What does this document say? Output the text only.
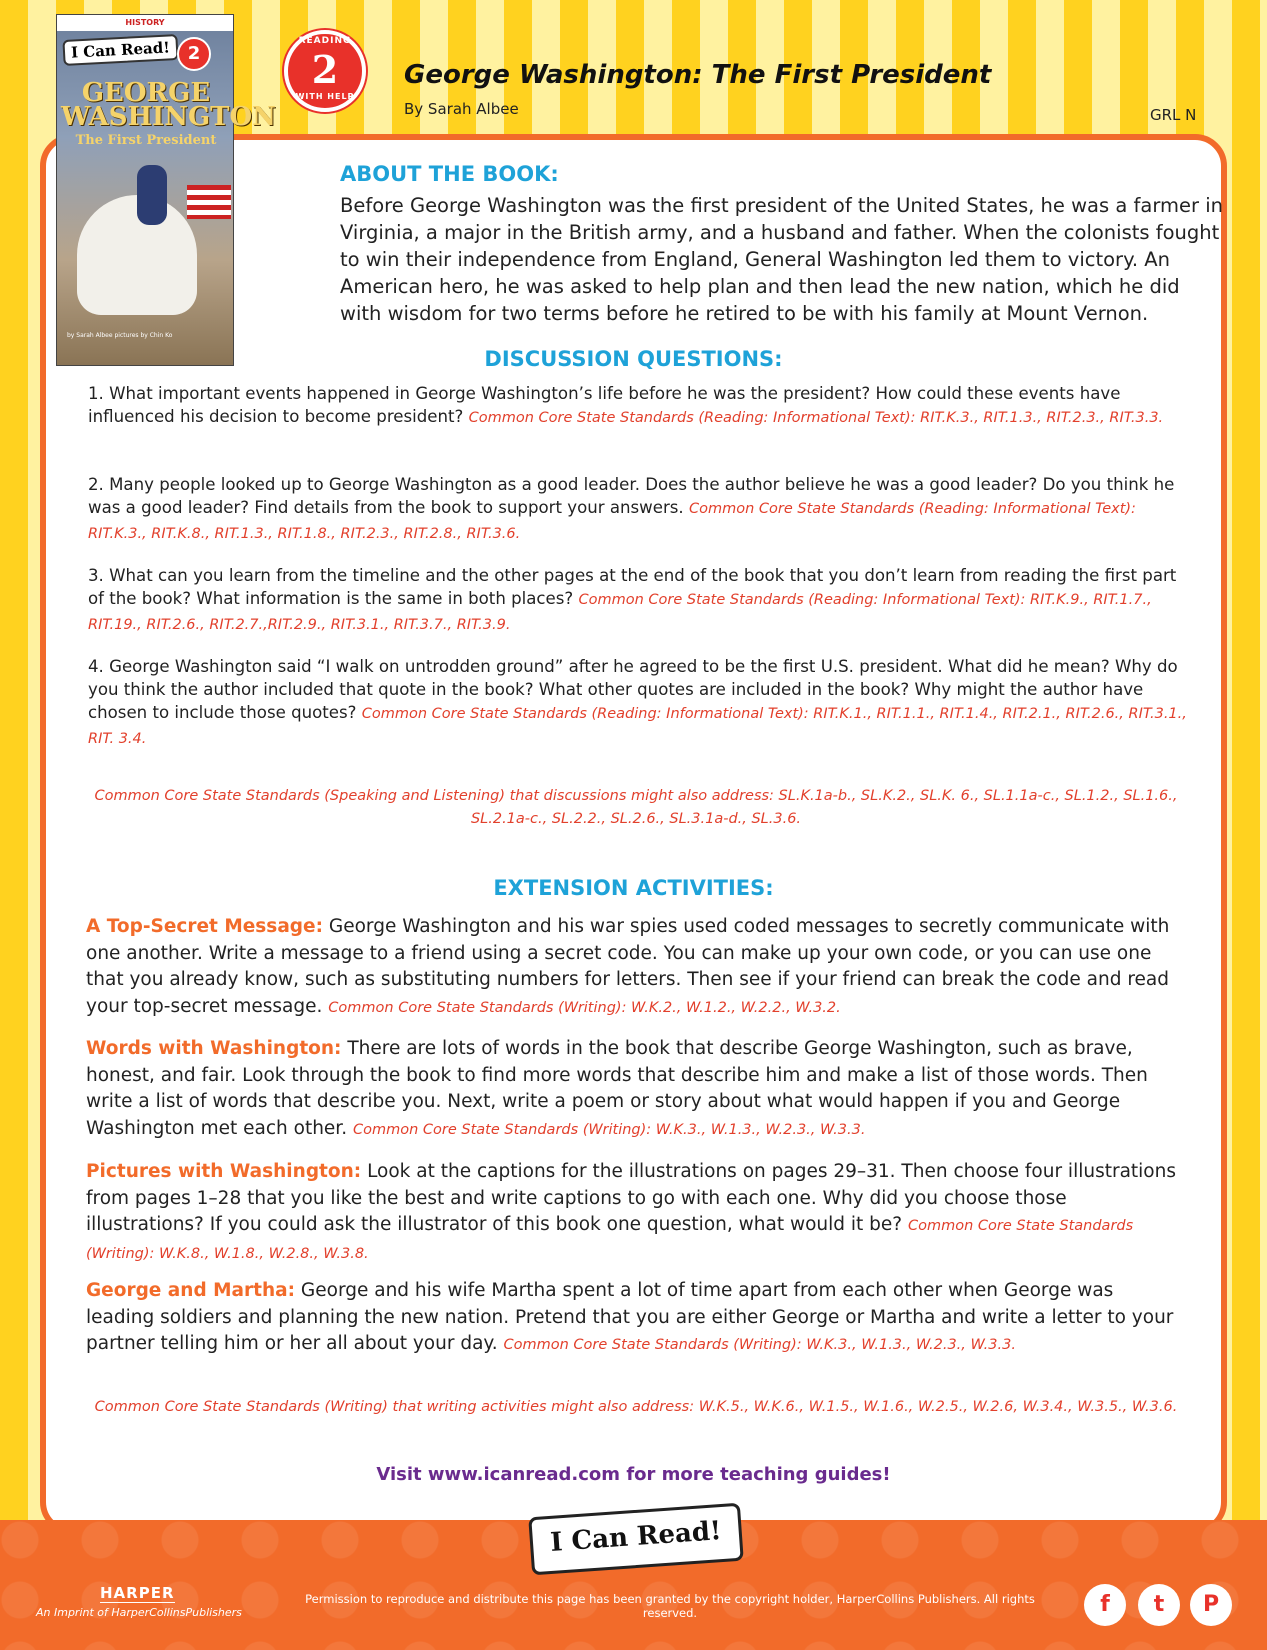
HISTORY
I Can Read! 2
GEORGE WASHINGTON
The First President
by Sarah Albee pictures by Chin Ko
READING
2
WITH HELP
George Washington: The First President
By Sarah Albee	GRL N
ABOUT THE BOOK:
Before George Washington was the first president of the United States, he was a farmer in
Virginia, a major in the British army, and a husband and father. When the colonists fought
to win their independence from England, General Washington led them to victory. An
American hero, he was asked to help plan and then lead the new nation, which he did
with wisdom for two terms before he retired to be with his family at Mount Vernon.
DISCUSSION QUESTIONS:
1. What important events happened in George Washington’s life before he was the president? How could these events have influenced his decision to become president? Common Core State Standards (Reading: Informational Text): RIT.K.3., RIT.1.3., RIT.2.3., RIT.3.3.
2. Many people looked up to George Washington as a good leader. Does the author believe he was a good leader? Do you think he was a good leader? Find details from the book to support your answers. Common Core State Standards (Reading: Informational Text): RIT.K.3., RIT.K.8., RIT.1.3., RIT.1.8., RIT.2.3., RIT.2.8., RIT.3.6.
3. What can you learn from the timeline and the other pages at the end of the book that you don’t learn from reading the first part of the book? What information is the same in both places? Common Core State Standards (Reading: Informational Text): RIT.K.9., RIT.1.7., RIT.19., RIT.2.6., RIT.2.7.,RIT.2.9., RIT.3.1., RIT.3.7., RIT.3.9.
4. George Washington said “I walk on untrodden ground” after he agreed to be the first U.S. president. What did he mean? Why do you think the author included that quote in the book? What other quotes are included in the book? Why might the author have chosen to include those quotes? Common Core State Standards (Reading: Informational Text): RIT.K.1., RIT.1.1., RIT.1.4., RIT.2.1., RIT.2.6., RIT.3.1., RIT. 3.4.
Common Core State Standards (Speaking and Listening) that discussions might also address: SL.K.1a-b., SL.K.2., SL.K. 6., SL.1.1a-c., SL.1.2., SL.1.6., SL.2.1a-c., SL.2.2., SL.2.6., SL.3.1a-d., SL.3.6.
EXTENSION ACTIVITIES:
A Top-Secret Message: George Washington and his war spies used coded messages to secretly communicate with one another. Write a message to a friend using a secret code. You can make up your own code, or you can use one that you already know, such as substituting numbers for letters. Then see if your friend can break the code and read your top-secret message. Common Core State Standards (Writing): W.K.2., W.1.2., W.2.2., W.3.2.
Words with Washington: There are lots of words in the book that describe George Washington, such as brave, honest, and fair. Look through the book to find more words that describe him and make a list of those words. Then write a list of words that describe you. Next, write a poem or story about what would happen if you and George Washington met each other. Common Core State Standards (Writing): W.K.3., W.1.3., W.2.3., W.3.3.
Pictures with Washington: Look at the captions for the illustrations on pages 29–31. Then choose four illustrations from pages 1–28 that you like the best and write captions to go with each one. Why did you choose those illustrations? If you could ask the illustrator of this book one question, what would it be? Common Core State Standards (Writing): W.K.8., W.1.8., W.2.8., W.3.8.
George and Martha: George and his wife Martha spent a lot of time apart from each other when George was leading soldiers and planning the new nation. Pretend that you are either George or Martha and write a letter to your partner telling him or her all about your day. Common Core State Standards (Writing): W.K.3., W.1.3., W.2.3., W.3.3.
Common Core State Standards (Writing) that writing activities might also address: W.K.5., W.K.6., W.1.5., W.1.6., W.2.5., W.2.6, W.3.4., W.3.5., W.3.6.
Visit www.icanread.com for more teaching guides!
I Can Read!
HARPER
An Imprint of HarperCollinsPublishers
Permission to reproduce and distribute this page has been granted by the copyright holder, HarperCollins Publishers. All rights reserved.	f	t	P
